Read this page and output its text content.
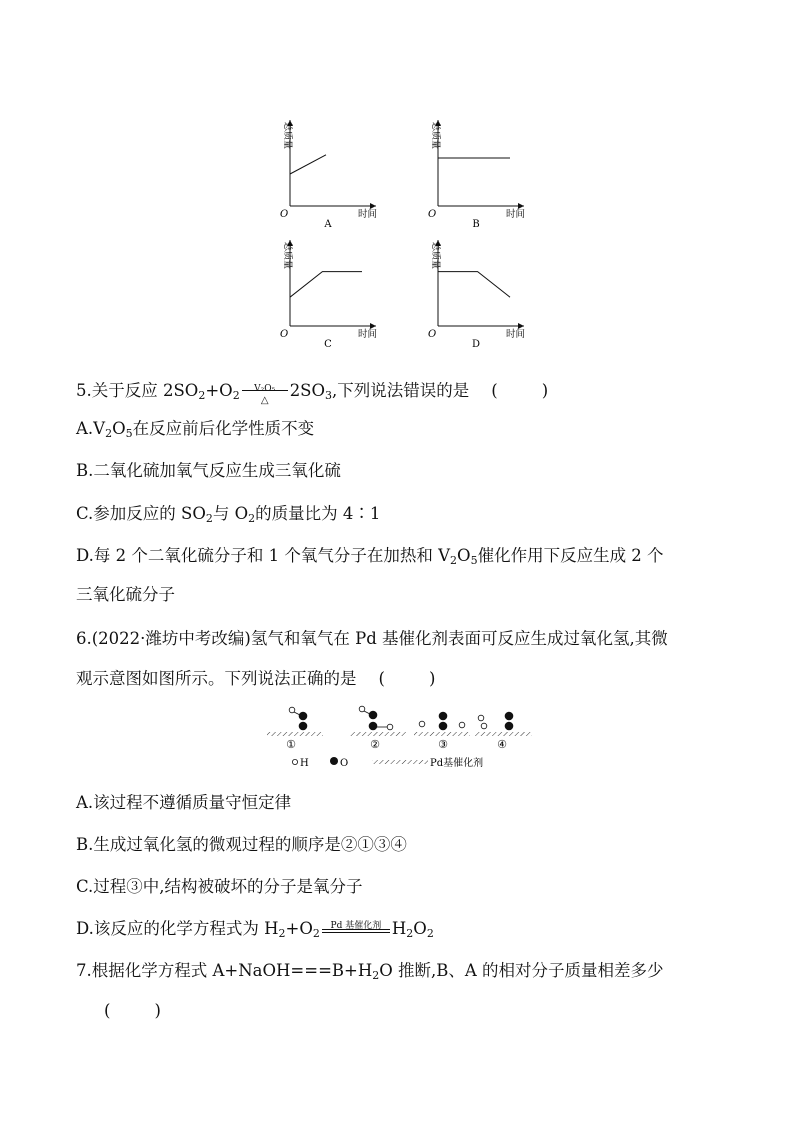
总质量
时间
O
A
总质量
时间
O
B
总质量
时间
O
C
总质量
时间
O
D
5.关于反应 $2SO_2+O_2$	V₂O₅
△
$2SO_3$,下列说法错误的是 (	)
$A.V_2O_5$在反应前后化学性质不变
B.二氧化硫加氧气反应生成三氧化硫
C.参加反应的 $SO_2$与 $O_2$的质量比为 4∶1
D.每 2 个二氧化硫分子和 1 个氧气分子在加热和 $V_2O_5$催化作用下反应生成 2 个
三氧化硫分子
6.(2022·潍坊中考改编)氢气和氧气在 Pd 基催化剂表面可反应生成过氧化氢,其微
观示意图如图所示。下列说法正确的是 (	)
①	②	③	④
H	O	Pd基催化剂
A.该过程不遵循质量守恒定律
B.生成过氧化氢的微观过程的顺序是②①③④
C.过程③中,结构被破坏的分子是氧分子
D.该反应的化学方程式为 $H_2+O_2$
Pd 基催化剂 $H_2O_2$
7.根据化学方程式 $A+NaOH===B+H_2O$ 推断,B、A 的相对分子质量相差多少
(	)
